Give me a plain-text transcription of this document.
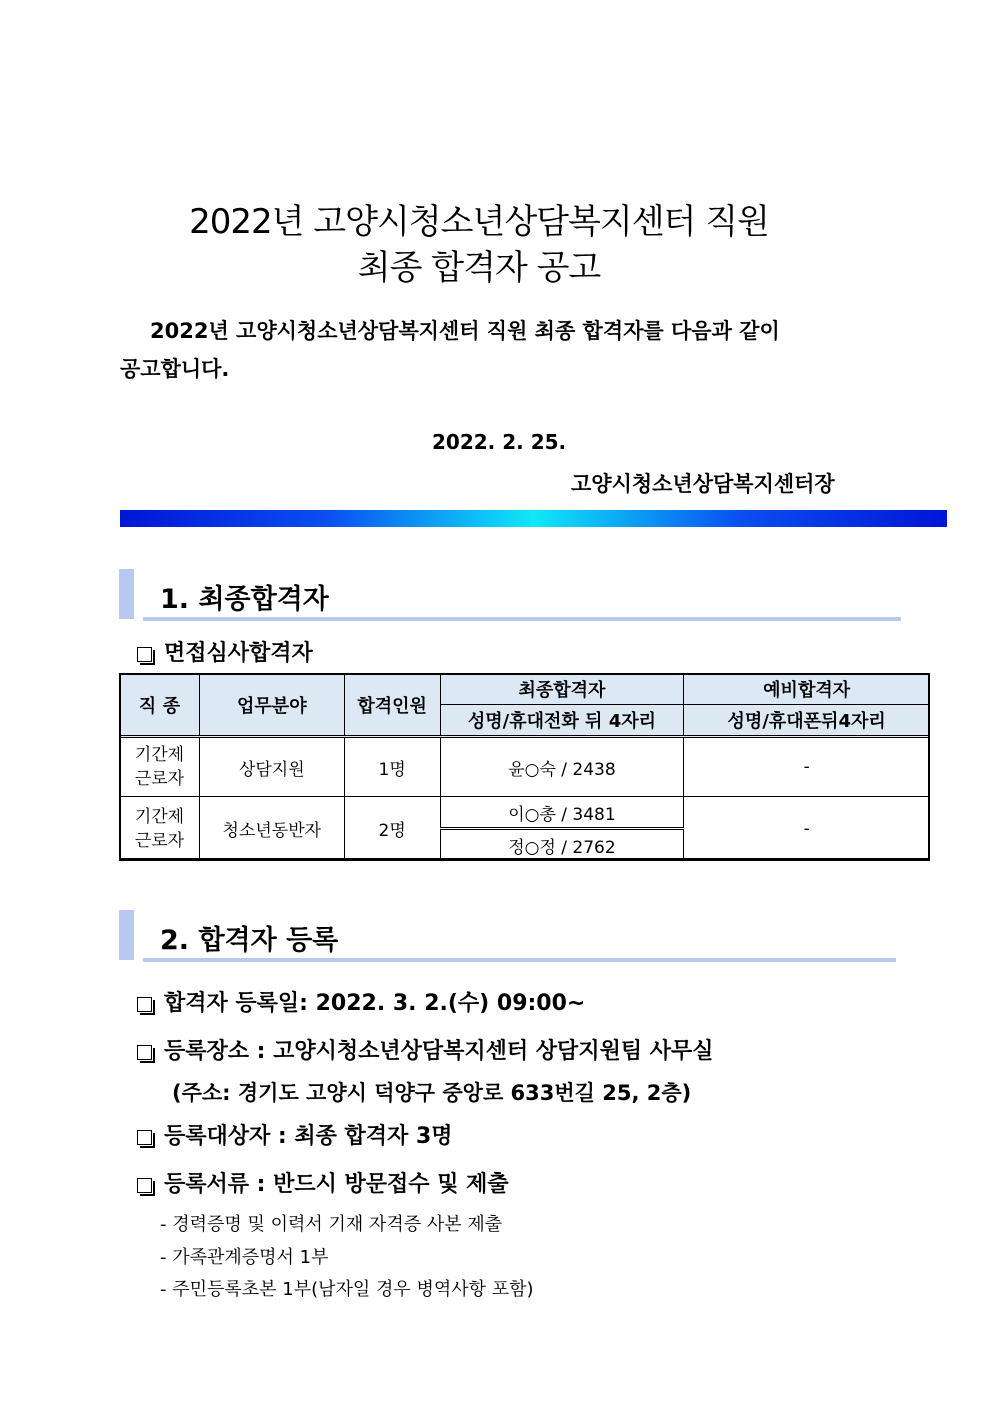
2022년 고양시청소년상담복지센터 직원
최종 합격자 공고
2022년 고양시청소년상담복지센터 직원 최종 합격자를 다음과 같이
공고합니다.
2022. 2. 25.
고양시청소년상담복지센터장
1. 최종합격자
면접심사합격자
직 종	업무분야	합격인원	최종합격자	예비합격자
			성명/휴대전화 뒤 4자리	성명/휴대폰뒤4자리
기간제
근로자	상담지원	1명	윤○숙 / 2438	-
기간제
근로자	청소년동반자	2명	이○총 / 3481	-
			정○정 / 2762	
2. 합격자 등록
합격자 등록일: 2022. 3. 2.(수) 09:00~
등록장소 : 고양시청소년상담복지센터 상담지원팀 사무실
(주소: 경기도 고양시 덕양구 중앙로 633번길 25, 2층)
등록대상자 : 최종 합격자 3명
등록서류 : 반드시 방문접수 및 제출
- 경력증명 및 이력서 기재 자격증 사본 제출
- 가족관계증명서 1부
- 주민등록초본 1부(남자일 경우 병역사항 포함)
